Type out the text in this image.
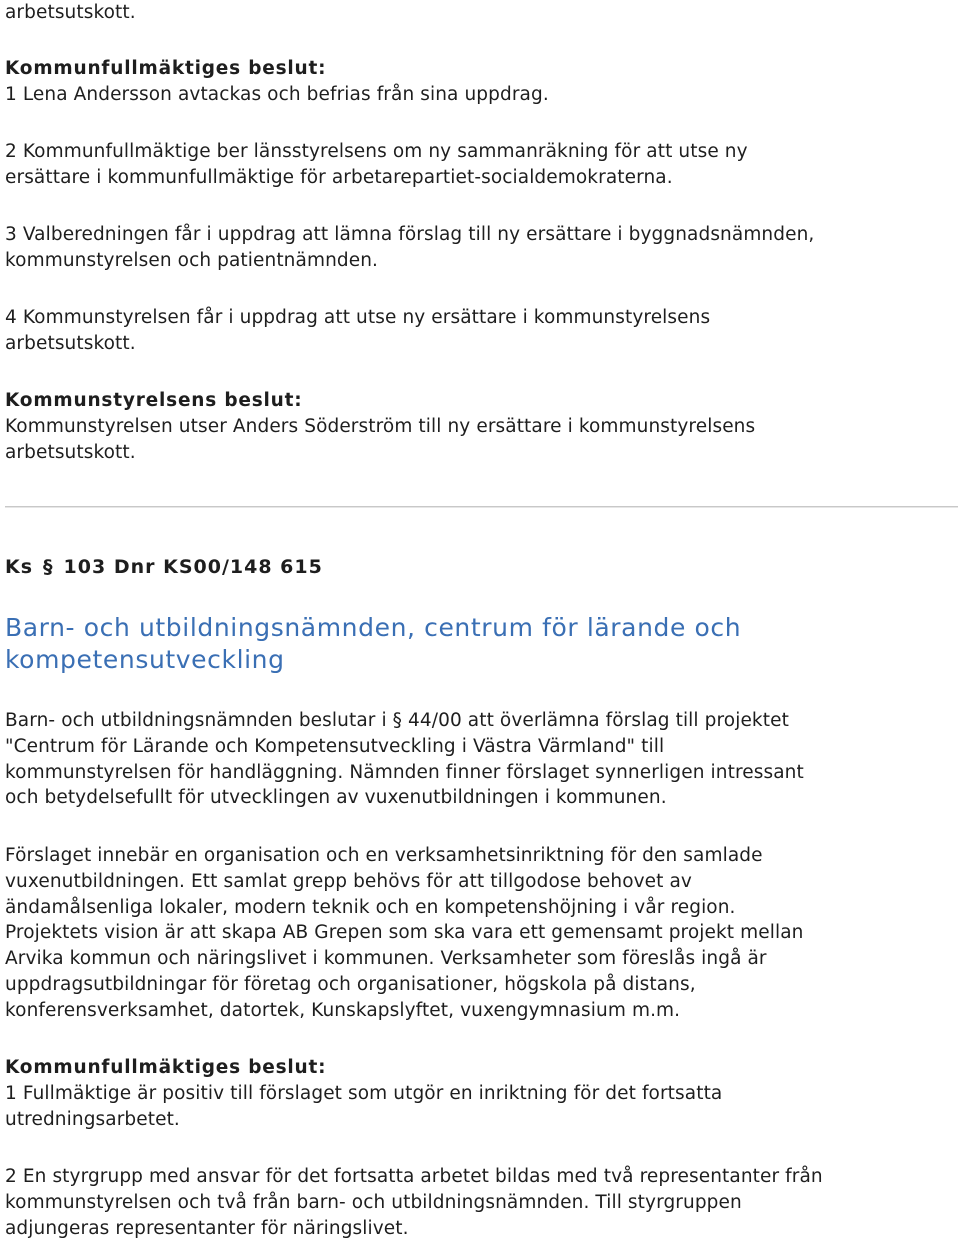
arbetsutskott.

Kommunfullmäktiges beslut:

1 Lena Andersson avtackas och befrias från sina uppdrag.

2 Kommunfullmäktige ber länsstyrelsens om ny sammanräkning för att utse ny
ersättare i kommunfullmäktige för arbetarepartiet-socialdemokraterna.

3 Valberedningen får i uppdrag att lämna förslag till ny ersättare i byggnadsnämnden,
kommunstyrelsen och patientnämnden.

4 Kommunstyrelsen får i uppdrag att utse ny ersättare i kommunstyrelsens
arbetsutskott.

Kommunstyrelsens beslut:

Kommunstyrelsen utser Anders Söderström till ny ersättare i kommunstyrelsens
arbetsutskott.

Ks § 103 Dnr KS00/148 615

Barn- och utbildningsnämnden, centrum för lärande och
kompetensutveckling

Barn- och utbildningsnämnden beslutar i § 44/00 att överlämna förslag till projektet
"Centrum för Lärande och Kompetensutveckling i Västra Värmland" till
kommunstyrelsen för handläggning. Nämnden finner förslaget synnerligen intressant
och betydelsefullt för utvecklingen av vuxenutbildningen i kommunen.

Förslaget innebär en organisation och en verksamhetsinriktning för den samlade
vuxenutbildningen. Ett samlat grepp behövs för att tillgodose behovet av
ändamålsenliga lokaler, modern teknik och en kompetenshöjning i vår region.
Projektets vision är att skapa AB Grepen som ska vara ett gemensamt projekt mellan
Arvika kommun och näringslivet i kommunen. Verksamheter som föreslås ingå är
uppdragsutbildningar för företag och organisationer, högskola på distans,
konferensverksamhet, datortek, Kunskapslyftet, vuxengymnasium m.m.

Kommunfullmäktiges beslut:

1 Fullmäktige är positiv till förslaget som utgör en inriktning för det fortsatta
utredningsarbetet.

2 En styrgrupp med ansvar för det fortsatta arbetet bildas med två representanter från
kommunstyrelsen och två från barn- och utbildningsnämnden. Till styrgruppen
adjungeras representanter för näringslivet.
